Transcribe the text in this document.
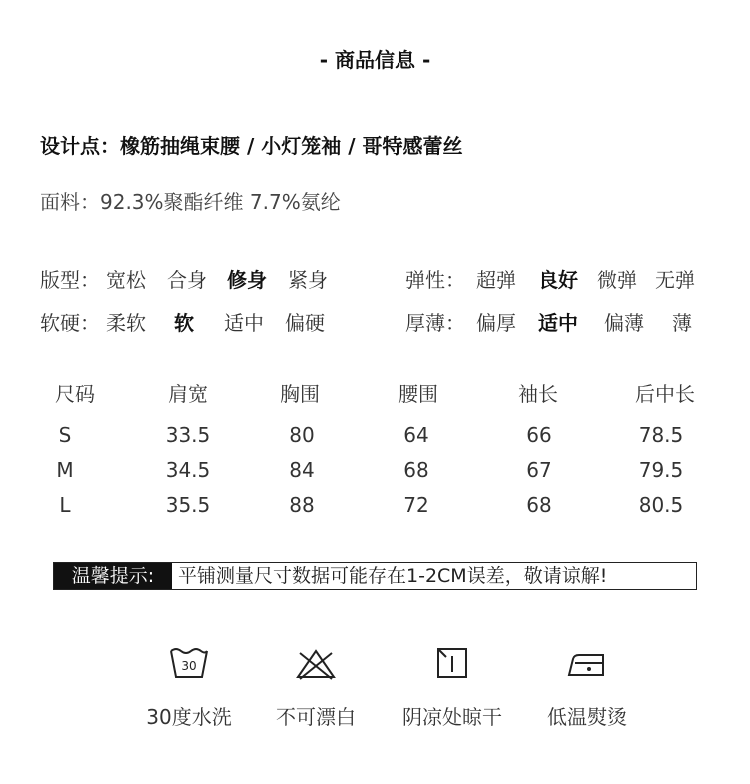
- 商品信息 -
设计点：橡筋抽绳束腰 / 小灯笼袖 / 哥特感蕾丝
面料：92.3%聚酯纤维 7.7%氨纶
版型： 宽松 合身 修身 紧身	弹性： 超弹 良好 微弹 无弹
软硬： 柔软 软 适中 偏硬	厚薄： 偏厚 适中 偏薄 薄
尺码	肩宽	胸围	腰围	袖长	后中长
S	33.5	80	64	66	78.5
M	34.5	84	68	67	79.5
L	35.5	88	72	68	80.5
温馨提示:	平铺测量尺寸数据可能存在1-2CM误差，敬请谅解!
30
30度水洗	不可漂白	阴凉处晾干	低温熨烫
